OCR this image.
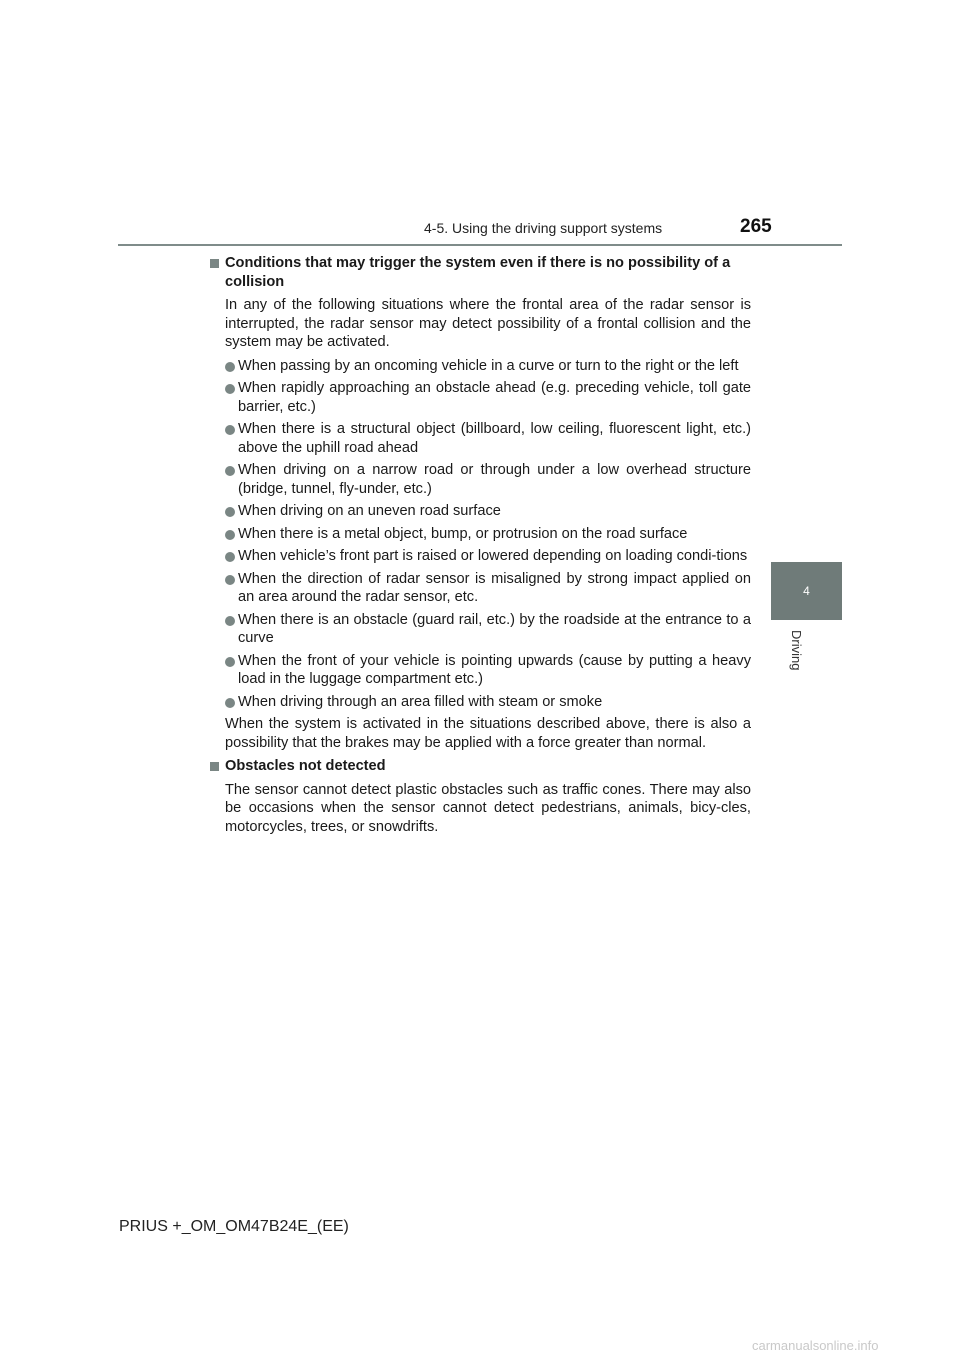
4-5. Using the driving support systems	265
4
Driving
Conditions that may trigger the system even if there is no possibility of a collision
In any of the following situations where the frontal area of the radar sensor is interrupted, the radar sensor may detect possibility of a frontal collision and the system may be activated.
When passing by an oncoming vehicle in a curve or turn to the right or the left
When rapidly approaching an obstacle ahead (e.g. preceding vehicle, toll gate barrier, etc.)
When there is a structural object (billboard, low ceiling, fluorescent light, etc.) above the uphill road ahead
When driving on a narrow road or through under a low overhead structure (bridge, tunnel, fly-under, etc.)
When driving on an uneven road surface
When there is a metal object, bump, or protrusion on the road surface
When vehicle’s front part is raised or lowered depending on loading condi-tions
When the direction of radar sensor is misaligned by strong impact applied on an area around the radar sensor, etc.
When there is an obstacle (guard rail, etc.) by the roadside at the entrance to a curve
When the front of your vehicle is pointing upwards (cause by putting a heavy load in the luggage compartment etc.)
When driving through an area filled with steam or smoke
When the system is activated in the situations described above, there is also a possibility that the brakes may be applied with a force greater than normal.
Obstacles not detected
The sensor cannot detect plastic obstacles such as traffic cones. There may also be occasions when the sensor cannot detect pedestrians, animals, bicy-cles, motorcycles, trees, or snowdrifts.
PRIUS +_OM_OM47B24E_(EE)
carmanualsonline.info
